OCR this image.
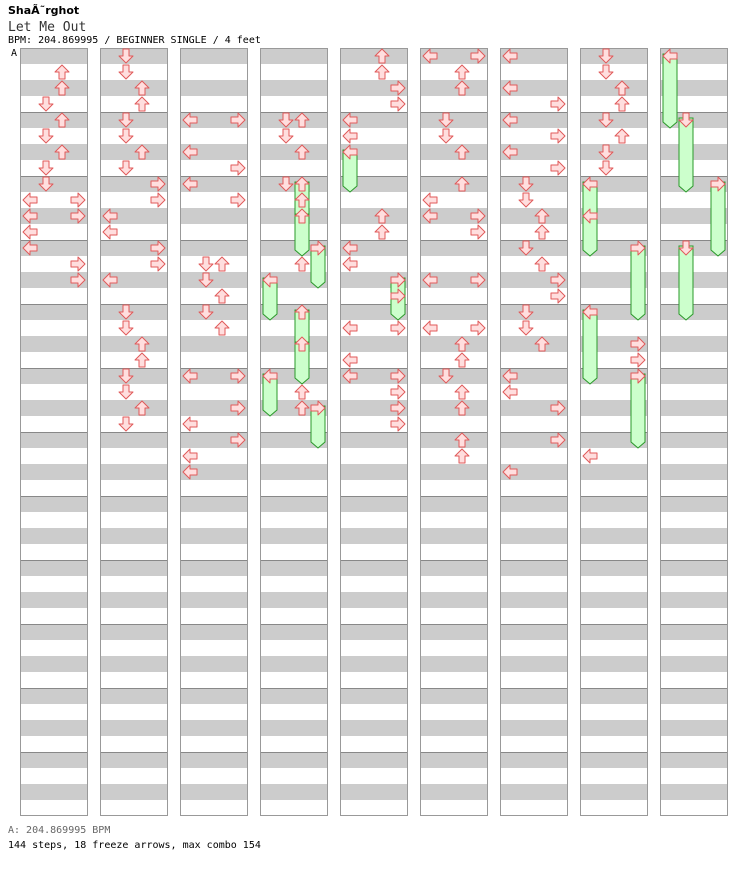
ShaÃ˜rghot
Let Me Out
BPM: 204.869995 / BEGINNER SINGLE / 4 feet
A
A: 204.869995 BPM
144 steps, 18 freeze arrows, max combo 154
